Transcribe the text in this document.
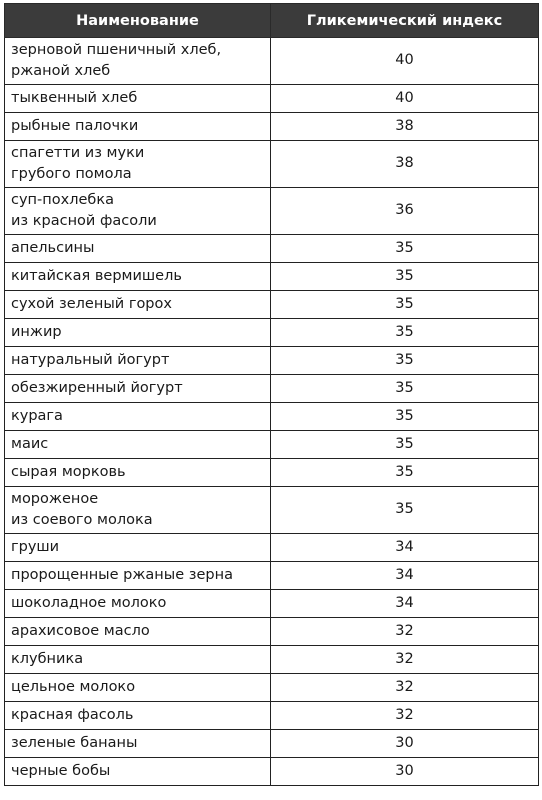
Наименование	Гликемический индекс
зерновой пшеничный хлеб,
ржаной хлеб	40
тыквенный хлеб	40
рыбные палочки	38
спагетти из муки
грубого помола	38
суп-похлебка
из красной фасоли	36
апельсины	35
китайская вермишель	35
сухой зеленый горох	35
инжир	35
натуральный йогурт	35
обезжиренный йогурт	35
курага	35
маис	35
сырая морковь	35
мороженое
из соевого молока	35
груши	34
пророщенные ржаные зерна	34
шоколадное молоко	34
арахисовое масло	32
клубника	32
цельное молоко	32
красная фасоль	32
зеленые бананы	30
черные бобы	30
